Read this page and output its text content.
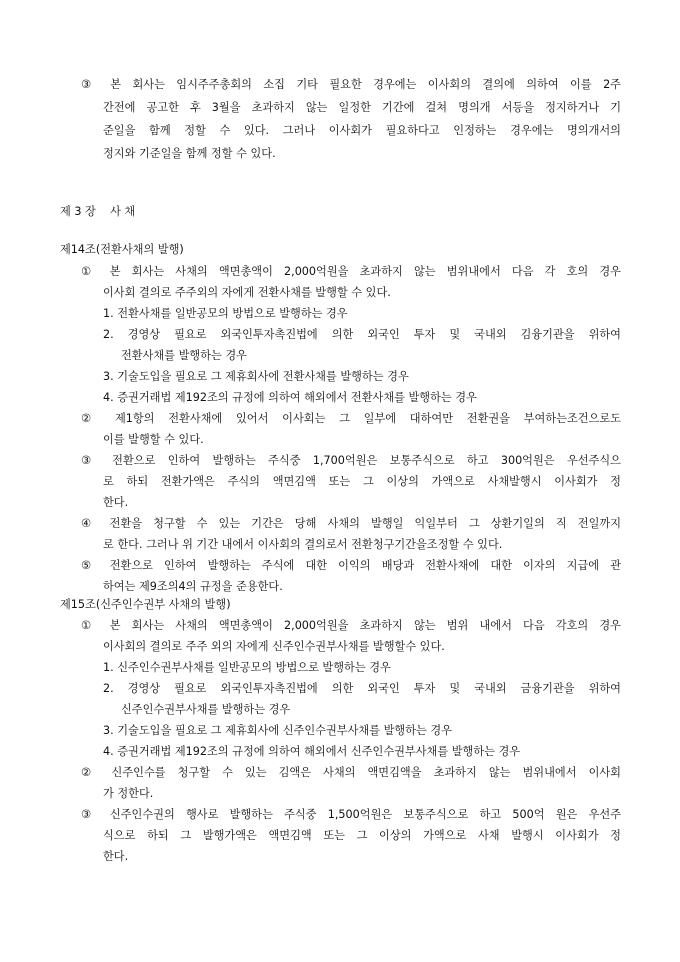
③ 본 회사는 임시주주총회의 소집 기타 필요한 경우에는 이사회의 결의에 의하여 이를 2주
간전에 공고한 후 3월을 초과하지 않는 일정한 기간에 걸쳐 명의개 서등을 정지하거나 기
준일을 함께 정할 수 있다. 그러나 이사회가 필요하다고 인정하는 경우에는 명의개서의
정지와 기준일을 함께 정할 수 있다.
제 3 장    사 채
제14조(전환사채의 발행)
① 본 회사는 사채의 액면총액이 2,000억원을 초과하지 않는 범위내에서 다음 각 호의 경우
이사회 결의로 주주외의 자에게 전환사채를 발행할 수 있다.
1. 전환사채를 일반공모의 방법으로 발행하는 경우
2. 경영상 필요로 외국인투자촉진법에 의한 외국인 투자 및 국내외 김융기관을 위하여
전환사채를 발행하는 경우
3. 기술도입을 필요로 그 제휴회사에 전환사채를 발행하는 경우
4. 증권거래법 제192조의 규정에 의하여 해외에서 전환사채를 발행하는 경우
② 제1항의 전환사채에 있어서 이사회는 그 일부에 대하여만 전환권을 부여하는조건으로도
이를 발행할 수 있다.
③ 전환으로 인하여 발행하는 주식중 1,700억원은 보통주식으로 하고 300억원은 우선주식으
로 하되 전환가액은 주식의 액면김액 또는 그 이상의 가액으로 사채발행시 이사회가 정
한다.
④ 전환을 청구할 수 있는 기간은 당해 사채의 발행일 익일부터 그 상환기일의 직 전일까지
로 한다. 그러나 위 기간 내에서 이사회의 결의로서 전환청구기간을조정할 수 있다.
⑤ 전환으로 인하여 발행하는 주식에 대한 이익의 배당과 전환사채에 대한 이자의 지급에 관
하여는 제9조의4의 규정을 준용한다.
제15조(신주인수권부 사채의 발행)
① 본 회사는 사채의 액면총액이 2,000억원을 초과하지 않는 범위 내에서 다음 각호의 경우
이사회의 결의로 주주 외의 자에게 신주인수권부사채를 발행할수 있다.
1. 신주인수권부사채를 일반공모의 방법으로 발행하는 경우
2. 경영상 필요로 외국인투자촉진법에 의한 외국인 투자 및 국내외 금융기관을 위하여
신주인수권부사채를 발행하는 경우
3. 기술도입을 필요로 그 제휴회사에 신주인수권부사채를 발행하는 경우
4. 증권거래법 제192조의 규정에 의하여 해외에서 신주인수권부사채를 발행하는 경우
② 신주인수를 청구할 수 있는 김액은 사채의 액면김액을 초과하지 않는 범위내에서 이사회
가 정한다.
③ 신주인수권의 행사로 발행하는 주식중 1,500억원은 보통주식으로 하고 500억 원은 우선주
식으로 하되 그 발행가액은 액면김액 또는 그 이상의 가액으로 사채 발행시 이사회가 정
한다.
